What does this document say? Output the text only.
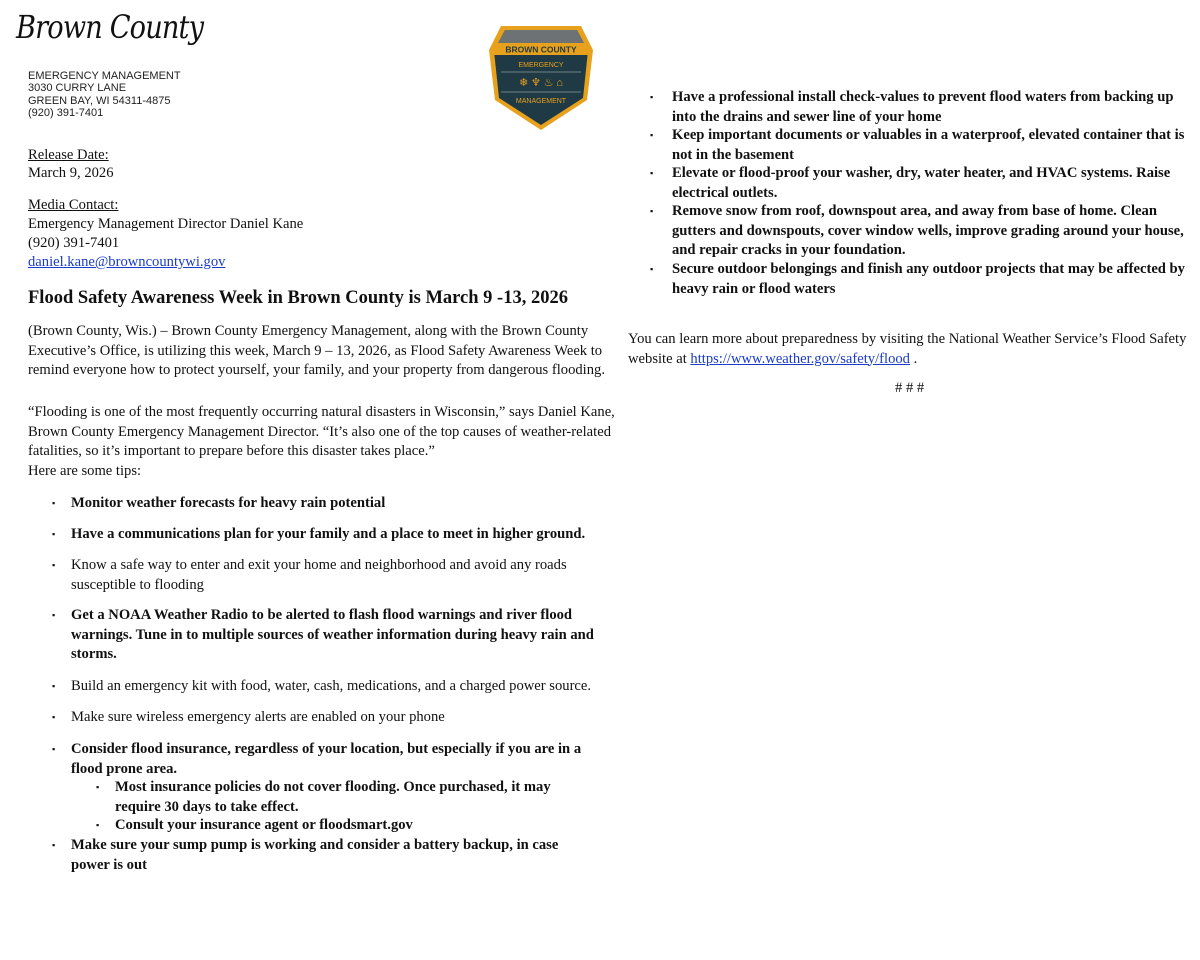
Brown County
EMERGENCY MANAGEMENT
3030 CURRY LANE
GREEN BAY, WI 54311-4875
(920) 391-7401
BROWN COUNTY
EMERGENCY
❄ ♆ ♨ ⌂
MANAGEMENT
Release Date:
March 9, 2026
Media Contact:
Emergency Management Director Daniel Kane
(920) 391-7401
daniel.kane@browncountywi.gov
Flood Safety Awareness Week in Brown County is March 9 -13, 2026
(Brown County, Wis.) – Brown County Emergency Management, along with the Brown County Executive’s Office, is utilizing this week, March 9 – 13, 2026, as Flood Safety Awareness Week to remind everyone how to protect yourself, your family, and your property from dangerous flooding.
“Flooding is one of the most frequently occurring natural disasters in Wisconsin,” says Daniel Kane, Brown County Emergency Management Director. “It’s also one of the top causes of weather-related fatalities, so it’s important to prepare before this disaster takes place.”
Here are some tips:
▪ Monitor weather forecasts for heavy rain potential
▪ Have a communications plan for your family and a place to meet in higher ground.
▪ Know a safe way to enter and exit your home and neighborhood and avoid any roads susceptible to flooding
▪ Get a NOAA Weather Radio to be alerted to flash flood warnings and river flood warnings. Tune in to multiple sources of weather information during heavy rain and storms.
▪ Build an emergency kit with food, water, cash, medications, and a charged power source.
▪ Make sure wireless emergency alerts are enabled on your phone
▪ Consider flood insurance, regardless of your location, but especially if you are in a flood prone area.
▪ Most insurance policies do not cover flooding. Once purchased, it may require 30 days to take effect.
▪ Consult your insurance agent or floodsmart.gov
▪ Make sure your sump pump is working and consider a battery backup, in case power is out
▪ Have a professional install check-values to prevent flood waters from backing up into the drains and sewer line of your home
▪ Keep important documents or valuables in a waterproof, elevated container that is not in the basement
▪ Elevate or flood-proof your washer, dry, water heater, and HVAC systems. Raise electrical outlets.
▪ Remove snow from roof, downspout area, and away from base of home. Clean gutters and downspouts, cover window wells, improve grading around your house, and repair cracks in your foundation.
▪ Secure outdoor belongings and finish any outdoor projects that may be affected by heavy rain or flood waters
You can learn more about preparedness by visiting the National Weather Service’s Flood Safety website at https://www.weather.gov/safety/flood .
# # #
